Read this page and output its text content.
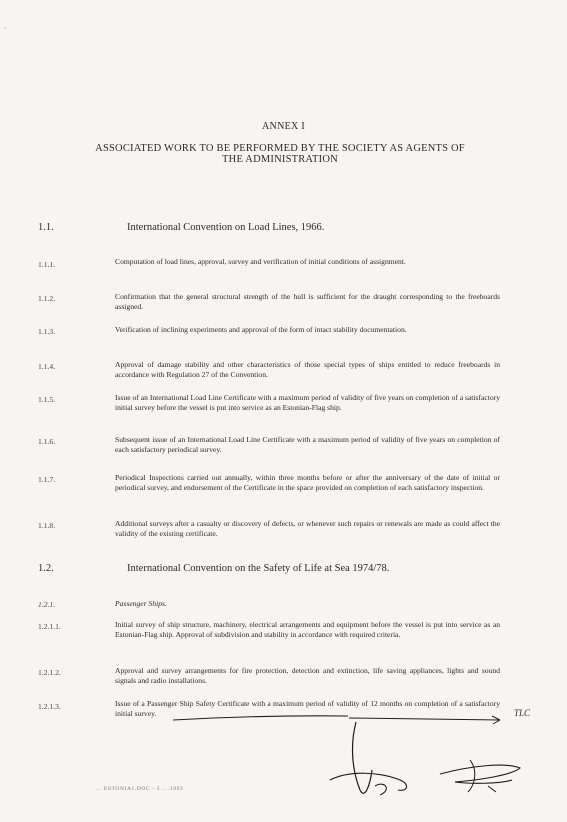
·
ANNEX I
ASSOCIATED WORK TO BE PERFORMED BY THE SOCIETY AS AGENTS OF
THE ADMINISTRATION
1.1.	International Convention on Load Lines, 1966.
1.1.1.	Computation of load lines, approval, survey and verification of initial conditions of assignment.
1.1.2.	Confirmation that the general structural strength of the hull is sufficient for the draught corresponding to the freeboards assigned.
1.1.3.	Verification of inclining experiments and approval of the form of intact stability documentation.
1.1.4.	Approval of damage stability and other characteristics of those special types of ships entitled to reduce freeboards in accordance with Regulation 27 of the Convention.
1.1.5.	Issue of an International Load Line Certificate with a maximum period of validity of five years on completion of a satisfactory initial survey before the vessel is put into service as an Estonian-Flag ship.
1.1.6.	Subsequent issue of an International Load Line Certificate with a maximum period of validity of five years on completion of each satisfactory periodical survey.
1.1.7.	Periodical Inspections carried out annually, within three months before or after the anniversary of the date of initial or periodical survey, and endorsement of the Certificate in the space provided on completion of each satisfactory inspection.
1.1.8.	Additional surveys after a casualty or discovery of defects, or whenever such repairs or renewals are made as could affect the validity of the existing certificate.
1.2.	International Convention on the Safety of Life at Sea 1974/78.
1.2.1.	Passenger Ships.
1.2.1.1.	Initial survey of ship structure, machinery, electrical arrangements and equipment before the vessel is put into service as an Estonian-Flag ship. Approval of subdivision and stability in accordance with required criteria.
1.2.1.2.	Approval and survey arrangements for fire protection, detection and extinction, life saving appliances, lights and sound signals and radio installations.
1.2.1.3.	Issue of a Passenger Ship Safety Certificate with a maximum period of validity of 12 months on completion of a satisfactory initial survey.	TLC
... ESTONIA1.DOC - 3 ....1993
